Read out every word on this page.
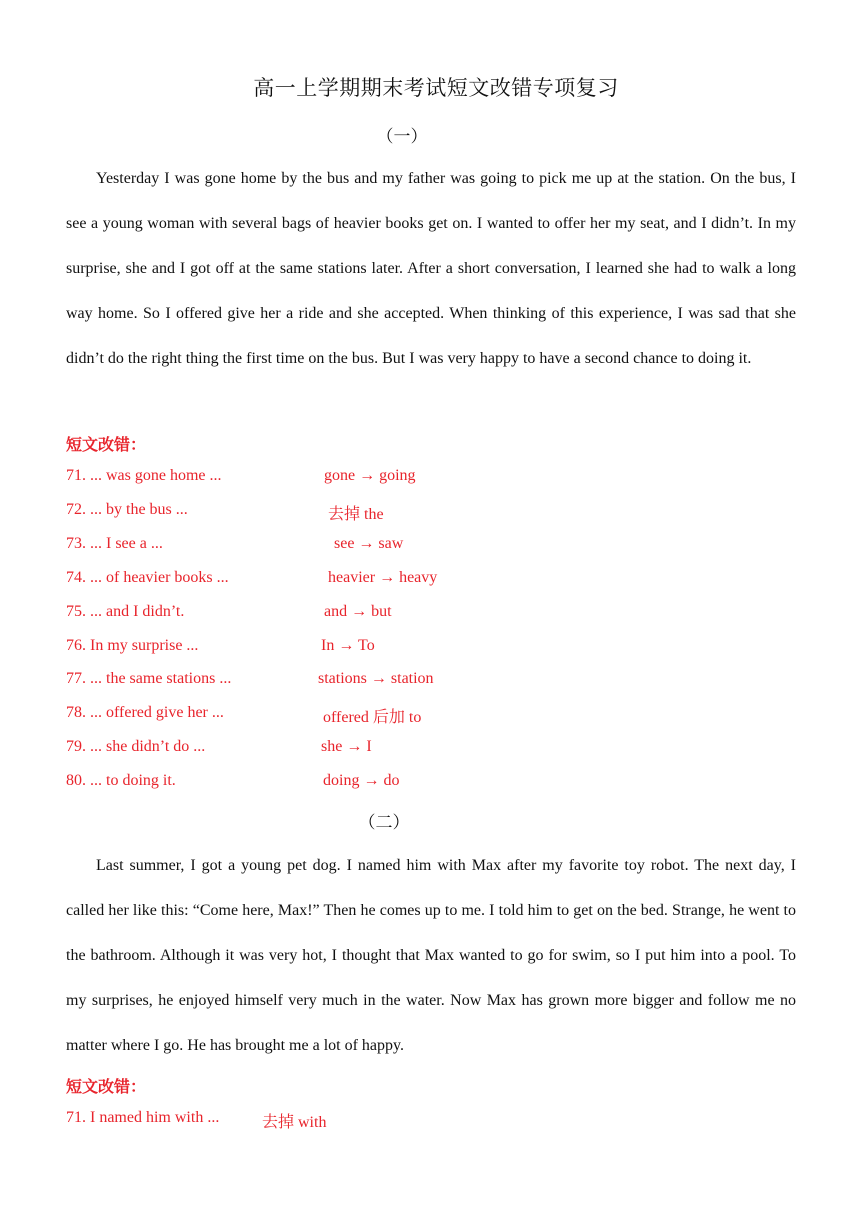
高一上学期期末考试短文改错专项复习
（一）

Yesterday I was gone home by the bus and my father was going to pick me up at the station. On the bus, I see a young woman with several bags of heavier books get on. I wanted to offer her my seat, and I didn’t. In my surprise, she and I got off at the same stations later. After a short conversation, I learned she had to walk a long way home. So I offered give her a ride and she accepted. When thinking of this experience, I was sad that she didn’t do the right thing the first time on the bus. But I was very happy to have a second chance to doing it.

短文改错：
71. ... was gone home ...	gone → going
72. ... by the bus ...	去掉 the
73. ... I see a ...	see → saw
74. ... of heavier books ...	heavier → heavy
75. ... and I didn’t.	and → but
76. In my surprise ...	In → To
77. ... the same stations ...	stations → station
78. ... offered give her ...	offered 后加 to
79. ... she didn’t do ...	she → I
80. ... to doing it.	doing → do
（二）

Last summer, I got a young pet dog. I named him with Max after my favorite toy robot. The next day, I called her like this: “Come here, Max!” Then he comes up to me. I told him to get on the bed. Strange, he went to the bathroom. Although it was very hot, I thought that Max wanted to go for swim, so I put him into a pool. To my surprises, he enjoyed himself very much in the water. Now Max has grown more bigger and follow me no matter where I go. He has brought me a lot of happy.

短文改错：
71. I named him with ...	去掉 with
